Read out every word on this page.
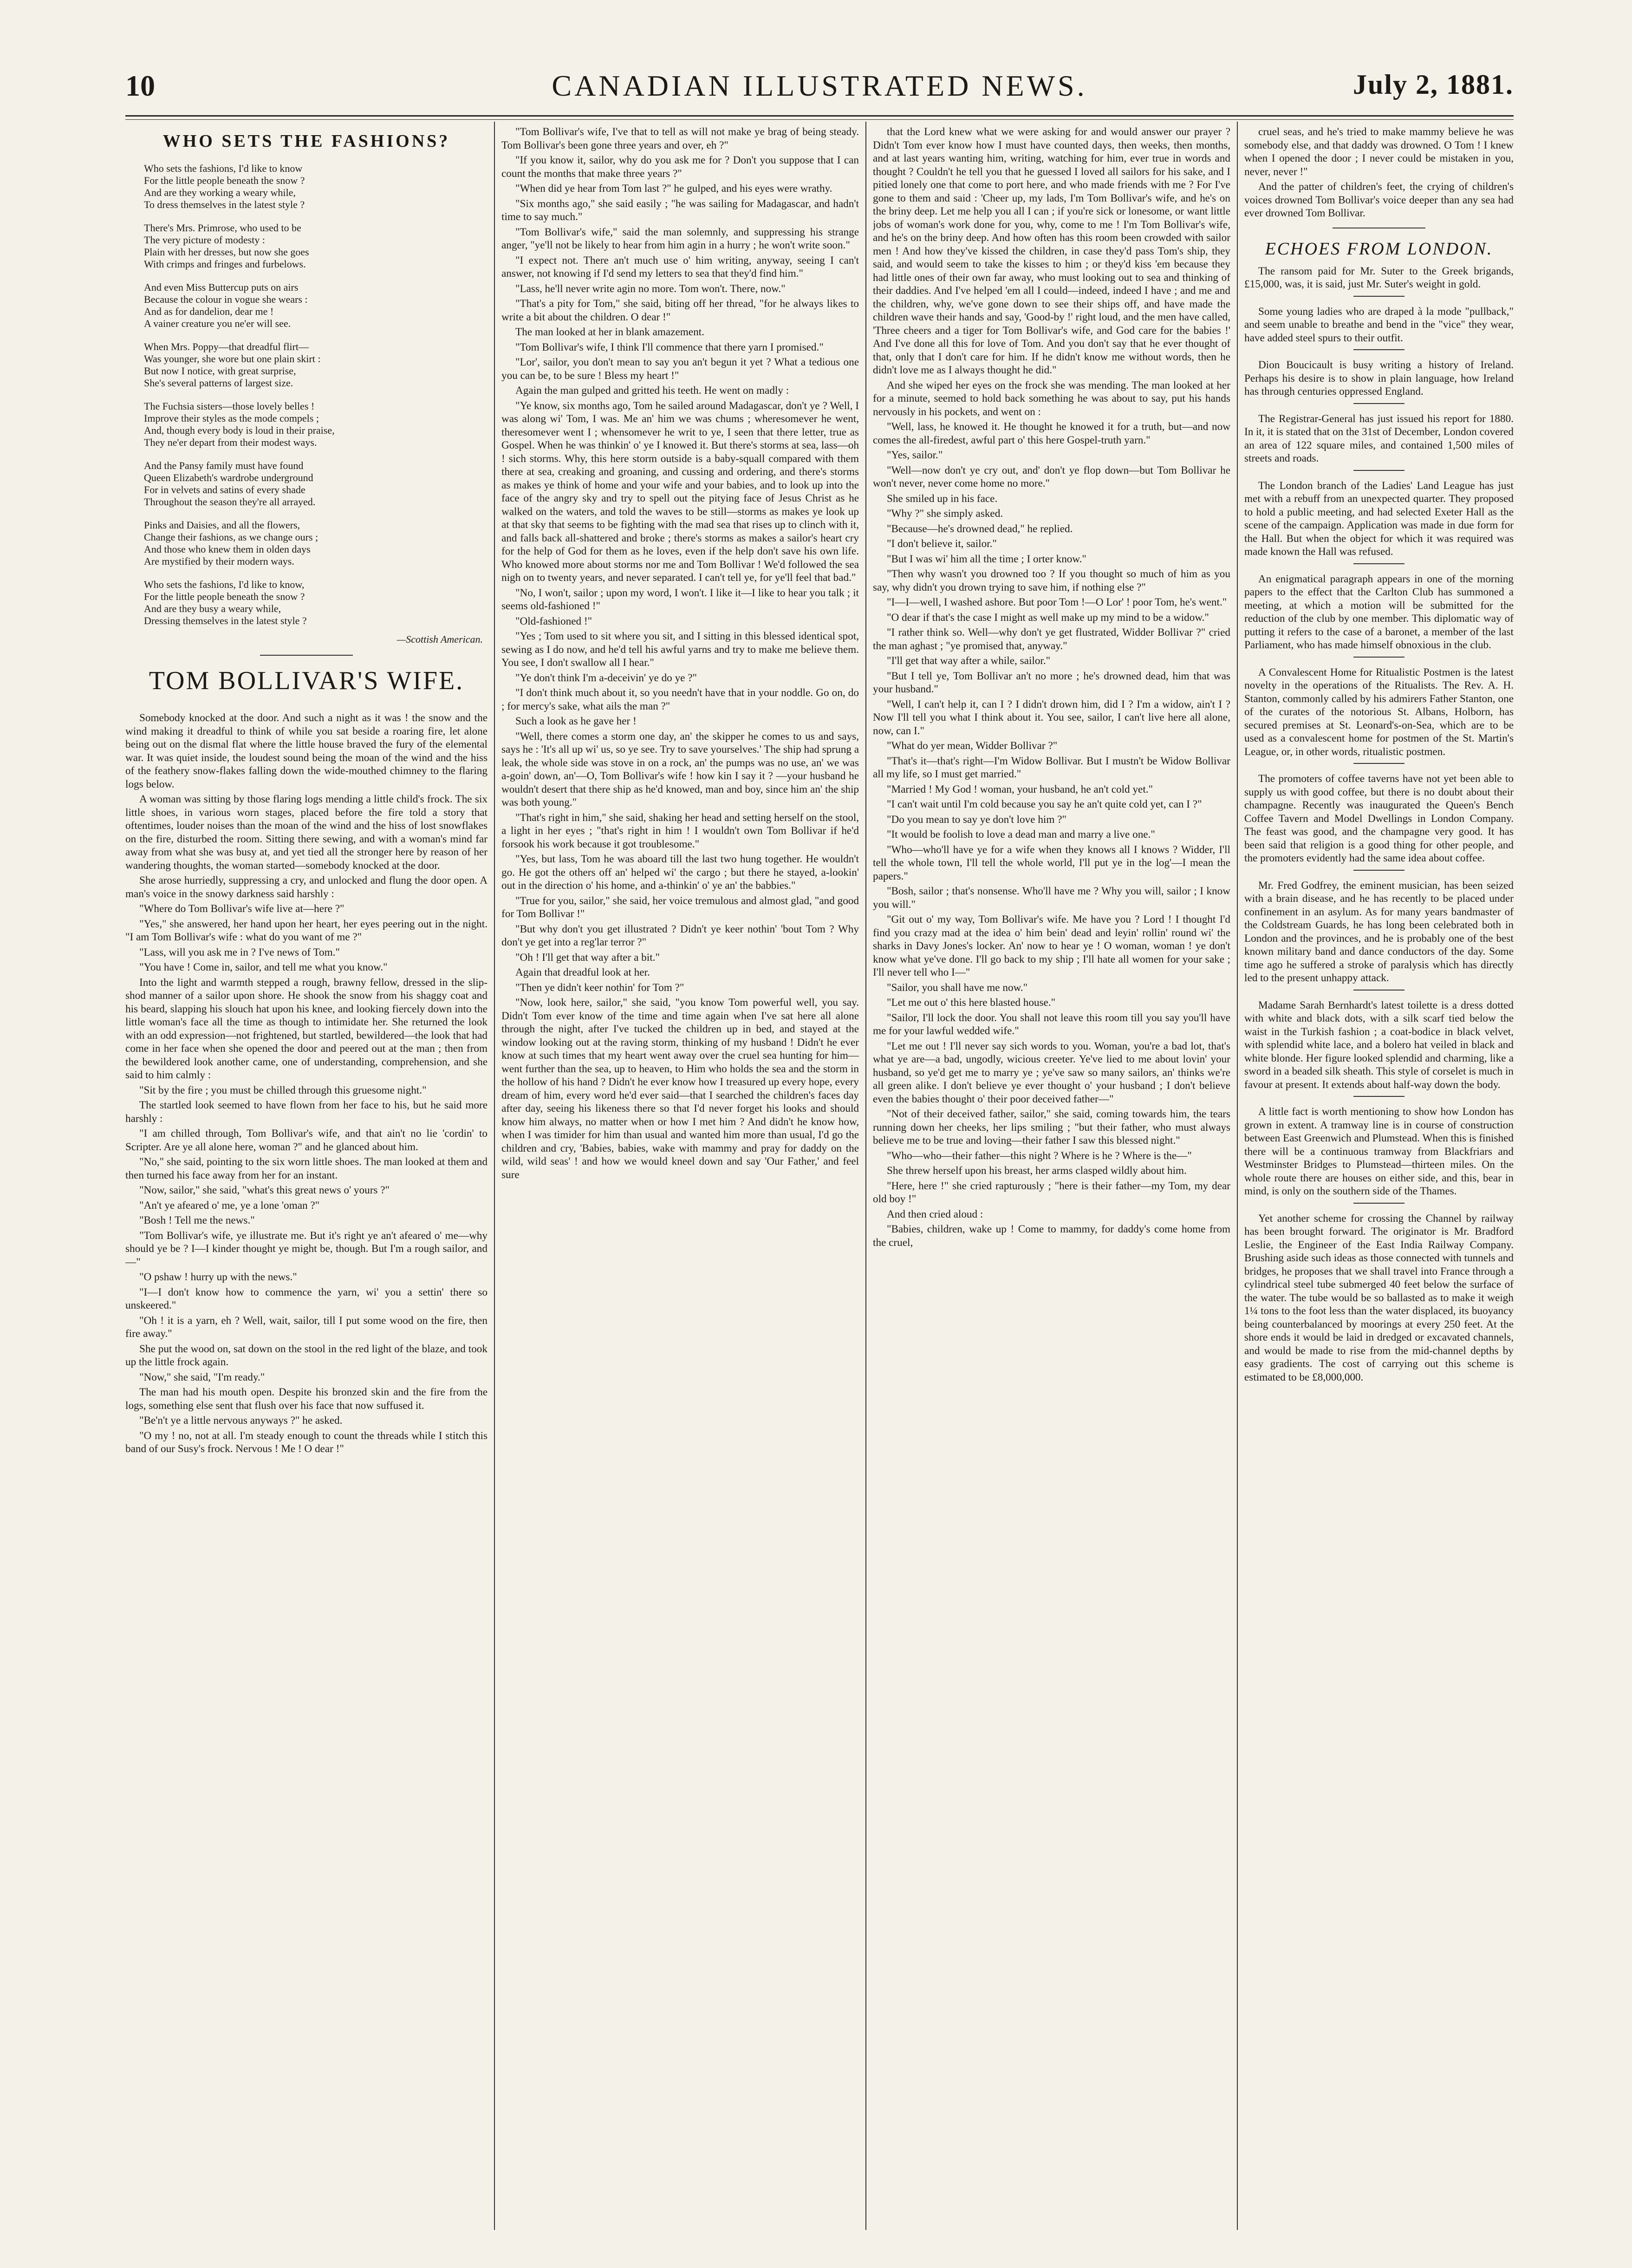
10	CANADIAN ILLUSTRATED NEWS.	July 2, 1881.
WHO SETS THE FASHIONS?
Who sets the fashions, I'd like to know
For the little people beneath the snow ?
And are they working a weary while,
To dress themselves in the latest style ?
There's Mrs. Primrose, who used to be
The very picture of modesty :
Plain with her dresses, but now she goes
With crimps and fringes and furbelows.
And even Miss Buttercup puts on airs
Because the colour in vogue she wears :
And as for dandelion, dear me !
A vainer creature you ne'er will see.
When Mrs. Poppy—that dreadful flirt—
Was younger, she wore but one plain skirt :
But now I notice, with great surprise,
She's several patterns of largest size.
The Fuchsia sisters—those lovely belles !
Improve their styles as the mode compels ;
And, though every body is loud in their praise,
They ne'er depart from their modest ways.
And the Pansy family must have found
Queen Elizabeth's wardrobe underground
For in velvets and satins of every shade
Throughout the season they're all arrayed.
Pinks and Daisies, and all the flowers,
Change their fashions, as we change ours ;
And those who knew them in olden days
Are mystified by their modern ways.
Who sets the fashions, I'd like to know,
For the little people beneath the snow ?
And are they busy a weary while,
Dressing themselves in the latest style ?
—Scottish American.
TOM BOLLIVAR'S WIFE.

Somebody knocked at the door. And such a night as it was ! the snow and the wind making it dreadful to think of while you sat beside a roaring fire, let alone being out on the dismal flat where the little house braved the fury of the elemental war. It was quiet inside, the loudest sound being the moan of the wind and the hiss of the feathery snow-flakes falling down the wide-mouthed chimney to the flaring logs below.

A woman was sitting by those flaring logs mending a little child's frock. The six little shoes, in various worn stages, placed before the fire told a story that oftentimes, louder noises than the moan of the wind and the hiss of lost snowflakes on the fire, disturbed the room. Sitting there sewing, and with a woman's mind far away from what she was busy at, and yet tied all the stronger here by reason of her wandering thoughts, the woman started—somebody knocked at the door.

She arose hurriedly, suppressing a cry, and unlocked and flung the door open. A man's voice in the snowy darkness said harshly :

"Where do Tom Bollivar's wife live at—here ?"

"Yes," she answered, her hand upon her heart, her eyes peering out in the night. "I am Tom Bollivar's wife : what do you want of me ?"

"Lass, will you ask me in ? I've news of Tom."

"You have ! Come in, sailor, and tell me what you know."

Into the light and warmth stepped a rough, brawny fellow, dressed in the slip-shod manner of a sailor upon shore. He shook the snow from his shaggy coat and his beard, slapping his slouch hat upon his knee, and looking fiercely down into the little woman's face all the time as though to intimidate her. She returned the look with an odd expression—not frightened, but startled, bewildered—the look that had come in her face when she opened the door and peered out at the man ; then from the bewildered look another came, one of understanding, comprehension, and she said to him calmly :

"Sit by the fire ; you must be chilled through this gruesome night."

The startled look seemed to have flown from her face to his, but he said more harshly :

"I am chilled through, Tom Bollivar's wife, and that ain't no lie 'cordin' to Scripter. Are ye all alone here, woman ?" and he glanced about him.

"No," she said, pointing to the six worn little shoes. The man looked at them and then turned his face away from her for an instant.

"Now, sailor," she said, "what's this great news o' yours ?"

"An't ye afeared o' me, ye a lone 'oman ?"

"Bosh ! Tell me the news."

"Tom Bollivar's wife, ye illustrate me. But it's right ye an't afeared o' me—why should ye be ? I—I kinder thought ye might be, though. But I'm a rough sailor, and—"

"O pshaw ! hurry up with the news."

"I—I don't know how to commence the yarn, wi' you a settin' there so unskeered."

"Oh ! it is a yarn, eh ? Well, wait, sailor, till I put some wood on the fire, then fire away."

She put the wood on, sat down on the stool in the red light of the blaze, and took up the little frock again.

"Now," she said, "I'm ready."

The man had his mouth open. Despite his bronzed skin and the fire from the logs, something else sent that flush over his face that now suffused it.

"Be'n't ye a little nervous anyways ?" he asked.

"O my ! no, not at all. I'm steady enough to count the threads while I stitch this band of our Susy's frock. Nervous ! Me ! O dear !"

"Tom Bollivar's wife, I've that to tell as will not make ye brag of being steady. Tom Bollivar's been gone three years and over, eh ?"

"If you know it, sailor, why do you ask me for ? Don't you suppose that I can count the months that make three years ?"

"When did ye hear from Tom last ?" he gulped, and his eyes were wrathy.

"Six months ago," she said easily ; "he was sailing for Madagascar, and hadn't time to say much."

"Tom Bollivar's wife," said the man solemnly, and suppressing his strange anger, "ye'll not be likely to hear from him agin in a hurry ; he won't write soon."

"I expect not. There an't much use o' him writing, anyway, seeing I can't answer, not knowing if I'd send my letters to sea that they'd find him."

"Lass, he'll never write agin no more. Tom won't. There, now."

"That's a pity for Tom," she said, biting off her thread, "for he always likes to write a bit about the children. O dear !"

The man looked at her in blank amazement.

"Tom Bollivar's wife, I think I'll commence that there yarn I promised."

"Lor', sailor, you don't mean to say you an't begun it yet ? What a tedious one you can be, to be sure ! Bless my heart !"

Again the man gulped and gritted his teeth. He went on madly :

"Ye know, six months ago, Tom he sailed around Madagascar, don't ye ? Well, I was along wi' Tom, I was. Me an' him we was chums ; wheresomever he went, theresomever went I ; whensomever he writ to ye, I seen that there letter, true as Gospel. When he was thinkin' o' ye I knowed it. But there's storms at sea, lass—oh ! sich storms. Why, this here storm outside is a baby-squall compared with them there at sea, creaking and groaning, and cussing and ordering, and there's storms as makes ye think of home and your wife and your babies, and to look up into the face of the angry sky and try to spell out the pitying face of Jesus Christ as he walked on the waters, and told the waves to be still—storms as makes ye look up at that sky that seems to be fighting with the mad sea that rises up to clinch with it, and falls back all-shattered and broke ; there's storms as makes a sailor's heart cry for the help of God for them as he loves, even if the help don't save his own life. Who knowed more about storms nor me and Tom Bollivar ! We'd followed the sea nigh on to twenty years, and never separated. I can't tell ye, for ye'll feel that bad."

"No, I won't, sailor ; upon my word, I won't. I like it—I like to hear you talk ; it seems old-fashioned !"

"Old-fashioned !"

"Yes ; Tom used to sit where you sit, and I sitting in this blessed identical spot, sewing as I do now, and he'd tell his awful yarns and try to make me believe them. You see, I don't swallow all I hear."

"Ye don't think I'm a-deceivin' ye do ye ?"

"I don't think much about it, so you needn't have that in your noddle. Go on, do ; for mercy's sake, what ails the man ?"

Such a look as he gave her !

"Well, there comes a storm one day, an' the skipper he comes to us and says, says he : 'It's all up wi' us, so ye see. Try to save yourselves.' The ship had sprung a leak, the whole side was stove in on a rock, an' the pumps was no use, an' we was a-goin' down, an'—O, Tom Bollivar's wife ! how kin I say it ? —your husband he wouldn't desert that there ship as he'd knowed, man and boy, since him an' the ship was both young."

"That's right in him," she said, shaking her head and setting herself on the stool, a light in her eyes ; "that's right in him ! I wouldn't own Tom Bollivar if he'd forsook his work because it got troublesome."

"Yes, but lass, Tom he was aboard till the last two hung together. He wouldn't go. He got the others off an' helped wi' the cargo ; but there he stayed, a-lookin' out in the direction o' his home, and a-thinkin' o' ye an' the babbies."

"True for you, sailor," she said, her voice tremulous and almost glad, "and good for Tom Bollivar !"

"But why don't you get illustrated ? Didn't ye keer nothin' 'bout Tom ? Why don't ye get into a reg'lar terror ?"

"Oh ! I'll get that way after a bit."

Again that dreadful look at her.

"Then ye didn't keer nothin' for Tom ?"

"Now, look here, sailor," she said, "you know Tom powerful well, you say. Didn't Tom ever know of the time and time again when I've sat here all alone through the night, after I've tucked the children up in bed, and stayed at the window looking out at the raving storm, thinking of my husband ! Didn't he ever know at such times that my heart went away over the cruel sea hunting for him—went further than the sea, up to heaven, to Him who holds the sea and the storm in the hollow of his hand ? Didn't he ever know how I treasured up every hope, every dream of him, every word he'd ever said—that I searched the children's faces day after day, seeing his likeness there so that I'd never forget his looks and should know him always, no matter when or how I met him ? And didn't he know how, when I was timider for him than usual and wanted him more than usual, I'd go the children and cry, 'Babies, babies, wake with mammy and pray for daddy on the wild, wild seas' ! and how we would kneel down and say 'Our Father,' and feel sure

that the Lord knew what we were asking for and would answer our prayer ? Didn't Tom ever know how I must have counted days, then weeks, then months, and at last years wanting him, writing, watching for him, ever true in words and thought ? Couldn't he tell you that he guessed I loved all sailors for his sake, and I pitied lonely one that come to port here, and who made friends with me ? For I've gone to them and said : 'Cheer up, my lads, I'm Tom Bollivar's wife, and he's on the briny deep. Let me help you all I can ; if you're sick or lonesome, or want little jobs of woman's work done for you, why, come to me ! I'm Tom Bollivar's wife, and he's on the briny deep. And how often has this room been crowded with sailor men ! And how they've kissed the children, in case they'd pass Tom's ship, they said, and would seem to take the kisses to him ; or they'd kiss 'em because they had little ones of their own far away, who must looking out to sea and thinking of their daddies. And I've helped 'em all I could—indeed, indeed I have ; and me and the children, why, we've gone down to see their ships off, and have made the children wave their hands and say, 'Good-by !' right loud, and the men have called, 'Three cheers and a tiger for Tom Bollivar's wife, and God care for the babies !' And I've done all this for love of Tom. And you don't say that he ever thought of that, only that I don't care for him. If he didn't know me without words, then he didn't love me as I always thought he did."

And she wiped her eyes on the frock she was mending. The man looked at her for a minute, seemed to hold back something he was about to say, put his hands nervously in his pockets, and went on :

"Well, lass, he knowed it. He thought he knowed it for a truth, but—and now comes the all-firedest, awful part o' this here Gospel-truth yarn."

"Yes, sailor."

"Well—now don't ye cry out, and' don't ye flop down—but Tom Bollivar he won't never, never come home no more."

She smiled up in his face.

"Why ?" she simply asked.

"Because—he's drowned dead," he replied.

"I don't believe it, sailor."

"But I was wi' him all the time ; I orter know."

"Then why wasn't you drowned too ? If you thought so much of him as you say, why didn't you drown trying to save him, if nothing else ?"

"I—I—well, I washed ashore. But poor Tom !—O Lor' ! poor Tom, he's went."

"O dear if that's the case I might as well make up my mind to be a widow."

"I rather think so. Well—why don't ye get flustrated, Widder Bollivar ?" cried the man aghast ; "ye promised that, anyway."

"I'll get that way after a while, sailor."

"But I tell ye, Tom Bollivar an't no more ; he's drowned dead, him that was your husband."

"Well, I can't help it, can I ? I didn't drown him, did I ? I'm a widow, ain't I ? Now I'll tell you what I think about it. You see, sailor, I can't live here all alone, now, can I."

"What do yer mean, Widder Bollivar ?"

"That's it—that's right—I'm Widow Bollivar. But I mustn't be Widow Bollivar all my life, so I must get married."

"Married ! My God ! woman, your husband, he an't cold yet."

"I can't wait until I'm cold because you say he an't quite cold yet, can I ?"

"Do you mean to say ye don't love him ?"

"It would be foolish to love a dead man and marry a live one."

"Who—who'll have ye for a wife when they knows all I knows ? Widder, I'll tell the whole town, I'll tell the whole world, I'll put ye in the log'—I mean the papers."

"Bosh, sailor ; that's nonsense. Who'll have me ? Why you will, sailor ; I know you will."

"Git out o' my way, Tom Bollivar's wife. Me have you ? Lord ! I thought I'd find you crazy mad at the idea o' him bein' dead and leyin' rollin' round wi' the sharks in Davy Jones's locker. An' now to hear ye ! O woman, woman ! ye don't know what ye've done. I'll go back to my ship ; I'll hate all women for your sake ; I'll never tell who I—"

"Sailor, you shall have me now."

"Let me out o' this here blasted house."

"Sailor, I'll lock the door. You shall not leave this room till you say you'll have me for your lawful wedded wife."

"Let me out ! I'll never say sich words to you. Woman, you're a bad lot, that's what ye are—a bad, ungodly, wicious creeter. Ye've lied to me about lovin' your husband, so ye'd get me to marry ye ; ye've saw so many sailors, an' thinks we're all green alike. I don't believe ye ever thought o' your husband ; I don't believe even the babies thought o' their poor deceived father—"

"Not of their deceived father, sailor," she said, coming towards him, the tears running down her cheeks, her lips smiling ; "but their father, who must always believe me to be true and loving—their father I saw this blessed night."

"Who—who—their father—this night ? Where is he ? Where is the—"

She threw herself upon his breast, her arms clasped wildly about him.

"Here, here !" she cried rapturously ; "here is their father—my Tom, my dear old boy !"

And then cried aloud :

"Babies, children, wake up ! Come to mammy, for daddy's come home from the cruel,

cruel seas, and he's tried to make mammy believe he was somebody else, and that daddy was drowned. O Tom ! I knew when I opened the door ; I never could be mistaken in you, never, never !"

And the patter of children's feet, the crying of children's voices drowned Tom Bollivar's voice deeper than any sea had ever drowned Tom Bollivar.

ECHOES FROM LONDON.

The ransom paid for Mr. Suter to the Greek brigands, £15,000, was, it is said, just Mr. Suter's weight in gold.

Some young ladies who are draped à la mode "pullback," and seem unable to breathe and bend in the "vice" they wear, have added steel spurs to their outfit.

Dion Boucicault is busy writing a history of Ireland. Perhaps his desire is to show in plain language, how Ireland has through centuries oppressed England.

The Registrar-General has just issued his report for 1880. In it, it is stated that on the 31st of December, London covered an area of 122 square miles, and contained 1,500 miles of streets and roads.

The London branch of the Ladies' Land League has just met with a rebuff from an unexpected quarter. They proposed to hold a public meeting, and had selected Exeter Hall as the scene of the campaign. Application was made in due form for the Hall. But when the object for which it was required was made known the Hall was refused.

An enigmatical paragraph appears in one of the morning papers to the effect that the Carlton Club has summoned a meeting, at which a motion will be submitted for the reduction of the club by one member. This diplomatic way of putting it refers to the case of a baronet, a member of the last Parliament, who has made himself obnoxious in the club.

A Convalescent Home for Ritualistic Postmen is the latest novelty in the operations of the Ritualists. The Rev. A. H. Stanton, commonly called by his admirers Father Stanton, one of the curates of the notorious St. Albans, Holborn, has secured premises at St. Leonard's-on-Sea, which are to be used as a convalescent home for postmen of the St. Martin's League, or, in other words, ritualistic postmen.

The promoters of coffee taverns have not yet been able to supply us with good coffee, but there is no doubt about their champagne. Recently was inaugurated the Queen's Bench Coffee Tavern and Model Dwellings in London Company. The feast was good, and the champagne very good. It has been said that religion is a good thing for other people, and the promoters evidently had the same idea about coffee.

Mr. Fred Godfrey, the eminent musician, has been seized with a brain disease, and he has recently to be placed under confinement in an asylum. As for many years bandmaster of the Coldstream Guards, he has long been celebrated both in London and the provinces, and he is probably one of the best known military band and dance conductors of the day. Some time ago he suffered a stroke of paralysis which has directly led to the present unhappy attack.

Madame Sarah Bernhardt's latest toilette is a dress dotted with white and black dots, with a silk scarf tied below the waist in the Turkish fashion ; a coat-bodice in black velvet, with splendid white lace, and a bolero hat veiled in black and white blonde. Her figure looked splendid and charming, like a sword in a beaded silk sheath. This style of corselet is much in favour at present. It extends about half-way down the body.

A little fact is worth mentioning to show how London has grown in extent. A tramway line is in course of construction between East Greenwich and Plumstead. When this is finished there will be a continuous tramway from Blackfriars and Westminster Bridges to Plumstead—thirteen miles. On the whole route there are houses on either side, and this, bear in mind, is only on the southern side of the Thames.

Yet another scheme for crossing the Channel by railway has been brought forward. The originator is Mr. Bradford Leslie, the Engineer of the East India Railway Company. Brushing aside such ideas as those connected with tunnels and bridges, he proposes that we shall travel into France through a cylindrical steel tube submerged 40 feet below the surface of the water. The tube would be so ballasted as to make it weigh 1¼ tons to the foot less than the water displaced, its buoyancy being counterbalanced by moorings at every 250 feet. At the shore ends it would be laid in dredged or excavated channels, and would be made to rise from the mid-channel depths by easy gradients. The cost of carrying out this scheme is estimated to be £8,000,000.
